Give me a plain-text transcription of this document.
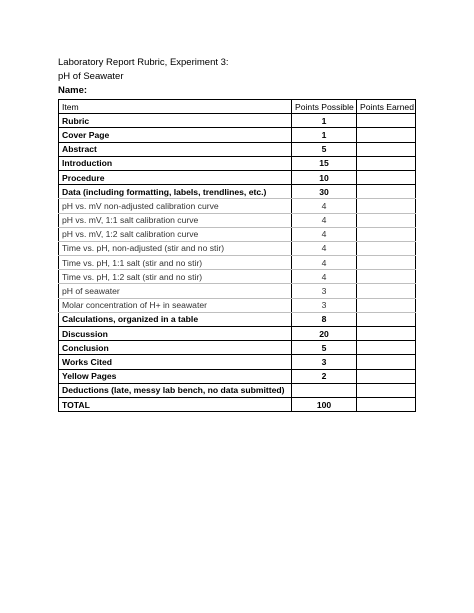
Laboratory Report Rubric, Experiment 3:
pH of Seawater
Name:
Item	Points Possible	Points Earned
Rubric	1	
Cover Page	1	
Abstract	5	
Introduction	15	
Procedure	10	
Data (including formatting, labels, trendlines, etc.)	30	
pH vs. mV non-adjusted calibration curve	4	
pH vs. mV, 1:1 salt calibration curve	4	
pH vs. mV, 1:2 salt calibration curve	4	
Time vs. pH, non-adjusted (stir and no stir)	4	
Time vs. pH, 1:1 salt (stir and no stir)	4	
Time vs. pH, 1:2 salt (stir and no stir)	4	
pH of seawater	3	
Molar concentration of H+ in seawater	3	
Calculations, organized in a table	8	
Discussion	20	
Conclusion	5	
Works Cited	3	
Yellow Pages	2	
Deductions (late, messy lab bench, no data submitted)		
TOTAL	100	
